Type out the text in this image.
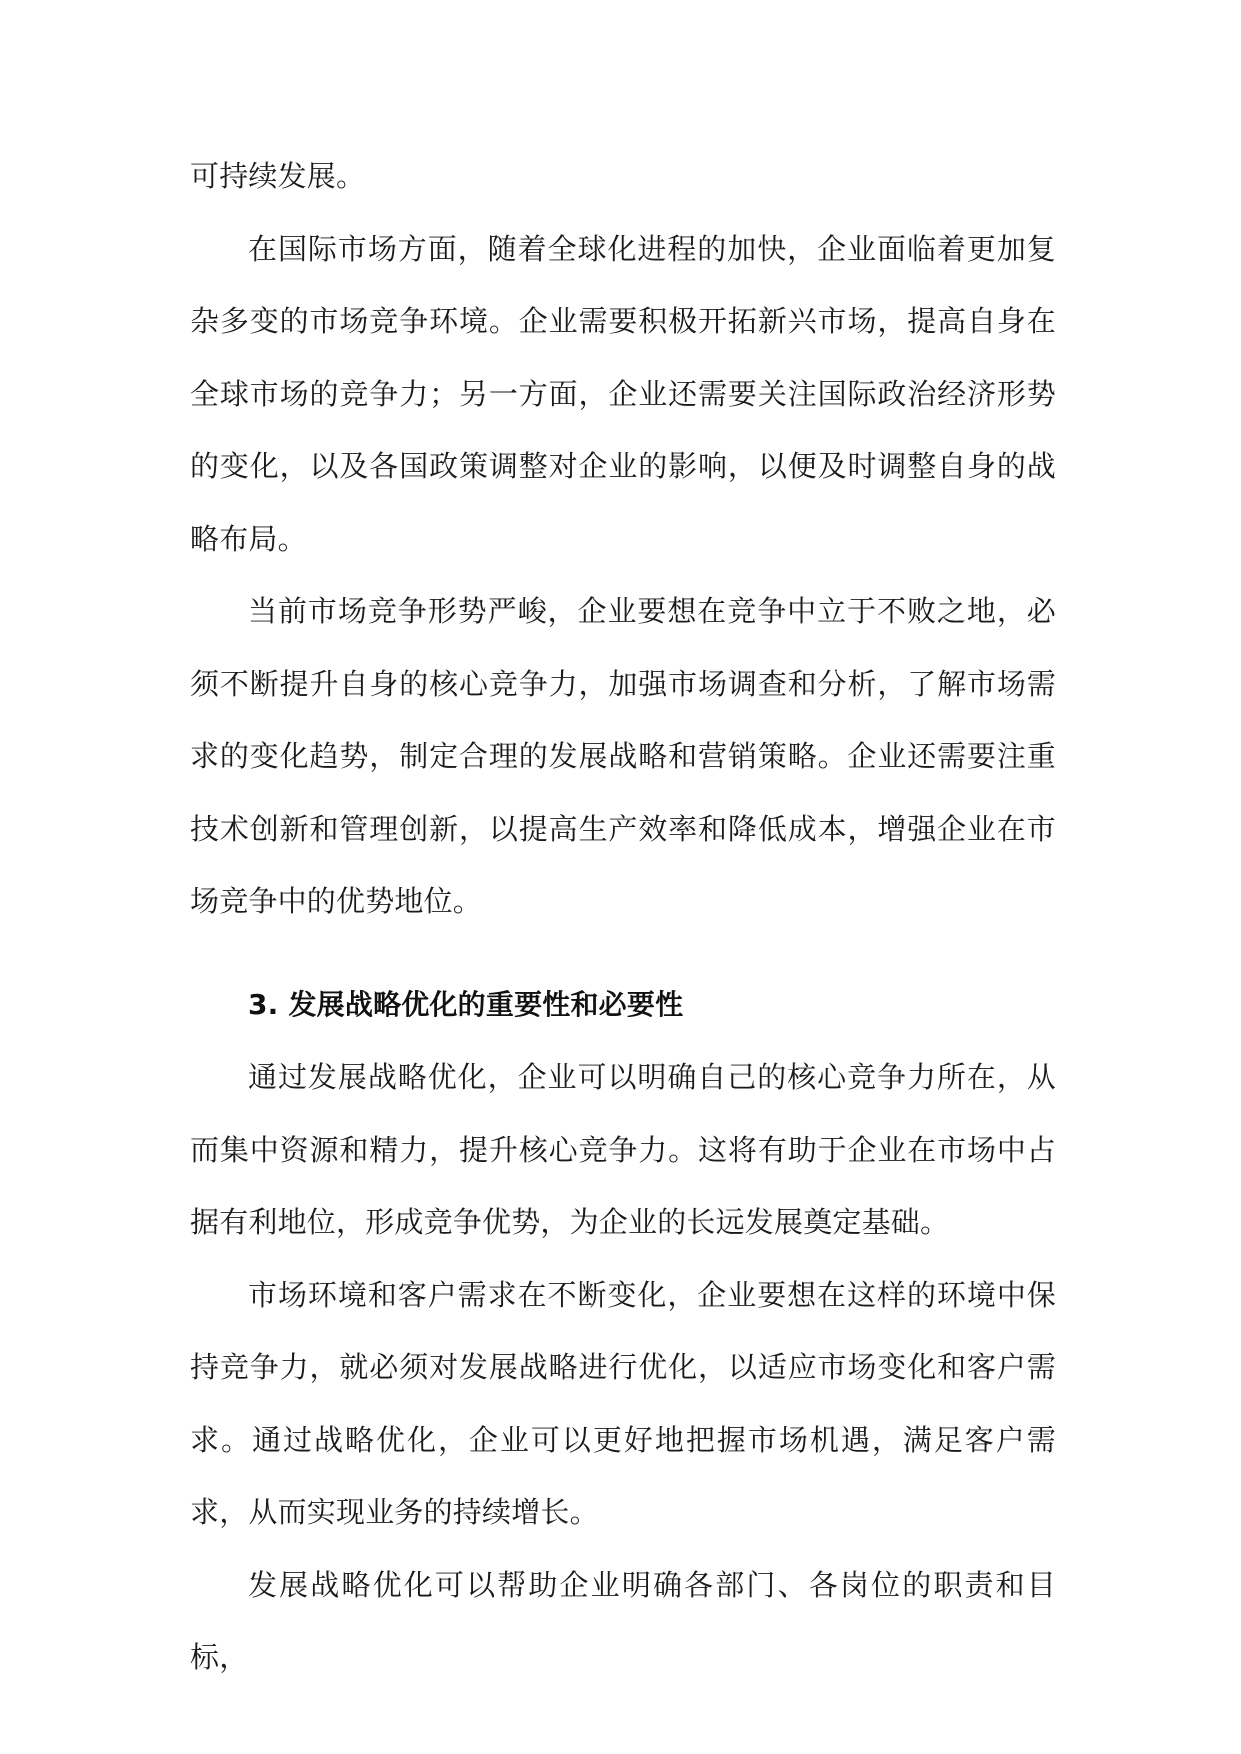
可持续发展。

在国际市场方面，随着全球化进程的加快，企业面临着更加复杂多变的市场竞争环境。企业需要积极开拓新兴市场，提高自身在全球市场的竞争力；另一方面，企业还需要关注国际政治经济形势的变化，以及各国政策调整对企业的影响，以便及时调整自身的战略布局。

当前市场竞争形势严峻，企业要想在竞争中立于不败之地，必须不断提升自身的核心竞争力，加强市场调查和分析，了解市场需求的变化趋势，制定合理的发展战略和营销策略。企业还需要注重技术创新和管理创新，以提高生产效率和降低成本，增强企业在市场竞争中的优势地位。

3. 发展战略优化的重要性和必要性

通过发展战略优化，企业可以明确自己的核心竞争力所在，从而集中资源和精力，提升核心竞争力。这将有助于企业在市场中占据有利地位，形成竞争优势，为企业的长远发展奠定基础。

市场环境和客户需求在不断变化，企业要想在这样的环境中保持竞争力，就必须对发展战略进行优化，以适应市场变化和客户需求。通过战略优化，企业可以更好地把握市场机遇，满足客户需求，从而实现业务的持续增长。

发展战略优化可以帮助企业明确各部门、各岗位的职责和目标，
